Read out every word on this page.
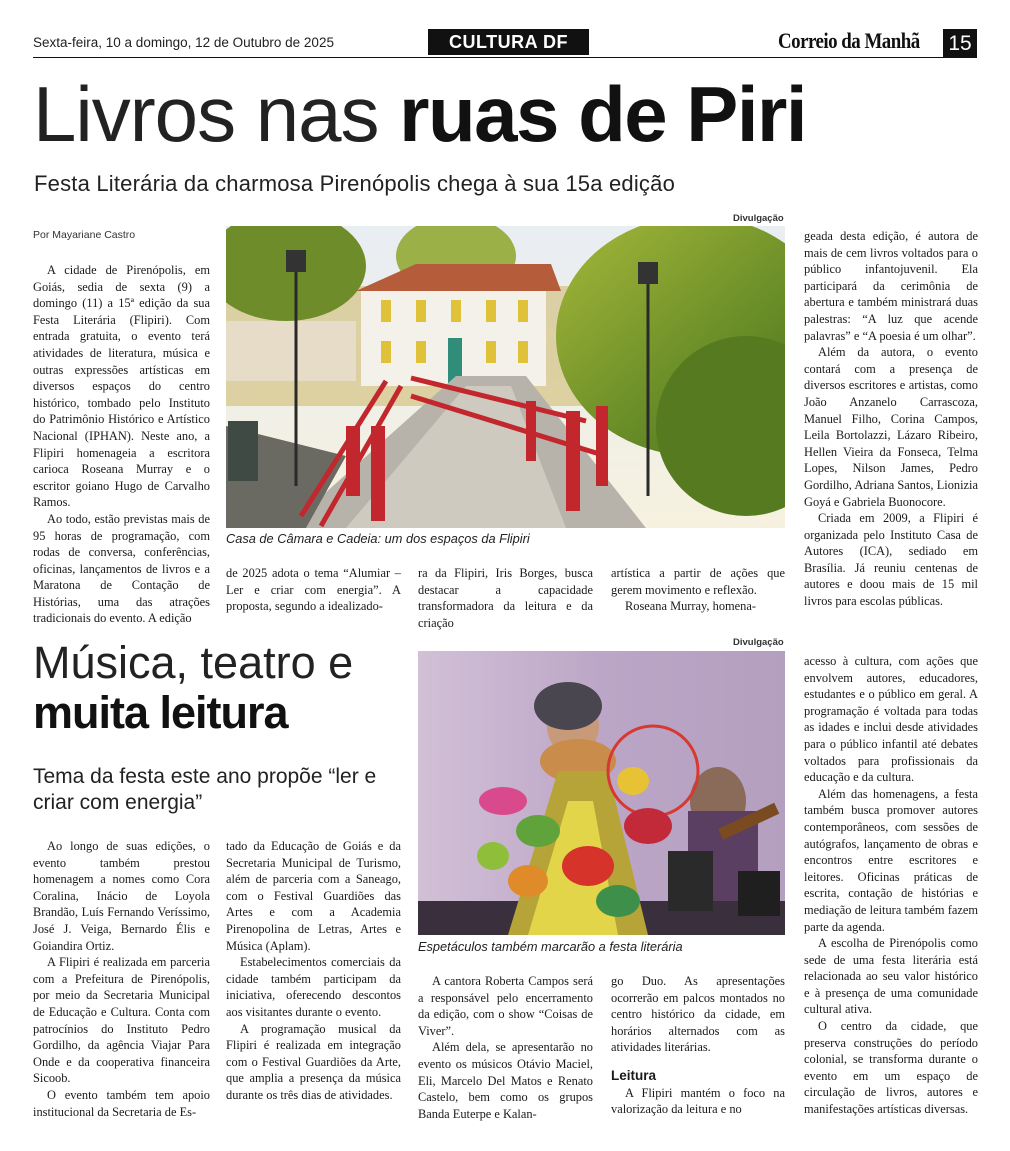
Sexta-feira, 10 a domingo, 12 de Outubro de 2025	CULTURA DF	Correio da Manhã 15
Livros nas ruas de Piri
Festa Literária da charmosa Pirenópolis chega à sua 15a edição
Por Mayariane Castro
Divulgação
Casa de Câmara e Cadeia: um dos espaços da Flipiri

A cidade de Pirenópolis, em Goiás, sedia de sexta (9) a domingo (11) a 15ª edição da sua Festa Literária (Flipiri). Com entrada gratuita, o evento terá atividades de literatura, música e outras expressões artísticas em diversos espaços do centro histórico, tombado pelo Instituto do Patrimônio Histórico e Artístico Nacional (IPHAN). Neste ano, a Flipiri homenageia a escritora carioca Roseana Murray e o escritor goiano Hugo de Carvalho Ramos.

Ao todo, estão previstas mais de 95 horas de programação, com rodas de conversa, conferências, oficinas, lançamentos de livros e a Maratona de Contação de Histórias, uma das atrações tradicionais do evento. A edição

de 2025 adota o tema “Alumiar – Ler e criar com energia”. A proposta, segundo a idealizado-

ra da Flipiri, Iris Borges, busca destacar a capacidade transformadora da leitura e da criação

artística a partir de ações que gerem movimento e reflexão.

Roseana Murray, homena-

geada desta edição, é autora de mais de cem livros voltados para o público infantojuvenil. Ela participará da cerimônia de abertura e também ministrará duas palestras: “A luz que acende palavras” e “A poesia é um olhar”.

Além da autora, o evento contará com a presença de diversos escritores e artistas, como João Anzanelo Carrascoza, Manuel Filho, Corina Campos, Leila Bortolazzi, Lázaro Ribeiro, Hellen Vieira da Fonseca, Telma Lopes, Nilson James, Pedro Gordilho, Adriana Santos, Lionizia Goyá e Gabriela Buonocore.

Criada em 2009, a Flipiri é organizada pelo Instituto Casa de Autores (ICA), sediado em Brasília. Já reuniu centenas de autores e doou mais de 15 mil livros para escolas públicas.

Música, teatro e
muita leitura
Tema da festa este ano propõe “ler e criar com energia”
Divulgação
Espetáculos também marcarão a festa literária

Ao longo de suas edições, o evento também prestou homenagem a nomes como Cora Coralina, Inácio de Loyola Brandão, Luís Fernando Veríssimo, José J. Veiga, Bernardo Élis e Goiandira Ortiz.

A Flipiri é realizada em parceria com a Prefeitura de Pirenópolis, por meio da Secretaria Municipal de Educação e Cultura. Conta com patrocínios do Instituto Pedro Gordilho, da agência Viajar Para Onde e da cooperativa financeira Sicoob.

O evento também tem apoio institucional da Secretaria de Es-

tado da Educação de Goiás e da Secretaria Municipal de Turismo, além de parceria com a Saneago, com o Festival Guardiões das Artes e com a Academia Pirenopolina de Letras, Artes e Música (Aplam).

Estabelecimentos comerciais da cidade também participam da iniciativa, oferecendo descontos aos visitantes durante o evento.

A programação musical da Flipiri é realizada em integração com o Festival Guardiões da Arte, que amplia a presença da música durante os três dias de atividades.

A cantora Roberta Campos será a responsável pelo encerramento da edição, com o show “Coisas de Viver”.

Além dela, se apresentarão no evento os músicos Otávio Maciel, Eli, Marcelo Del Matos e Renato Castelo, bem como os grupos Banda Euterpe e Kalan-

go Duo. As apresentações ocorrerão em palcos montados no centro histórico da cidade, em horários alternados com as atividades literárias.

Leitura

A Flipiri mantém o foco na valorização da leitura e no

acesso à cultura, com ações que envolvem autores, educadores, estudantes e o público em geral. A programação é voltada para todas as idades e inclui desde atividades para o público infantil até debates voltados para profissionais da educação e da cultura.

Além das homenagens, a festa também busca promover autores contemporâneos, com sessões de autógrafos, lançamento de obras e encontros entre escritores e leitores. Oficinas práticas de escrita, contação de histórias e mediação de leitura também fazem parte da agenda.

A escolha de Pirenópolis como sede de uma festa literária está relacionada ao seu valor histórico e à presença de uma comunidade cultural ativa.

O centro da cidade, que preserva construções do período colonial, se transforma durante o evento em um espaço de circulação de livros, autores e manifestações artísticas diversas.
